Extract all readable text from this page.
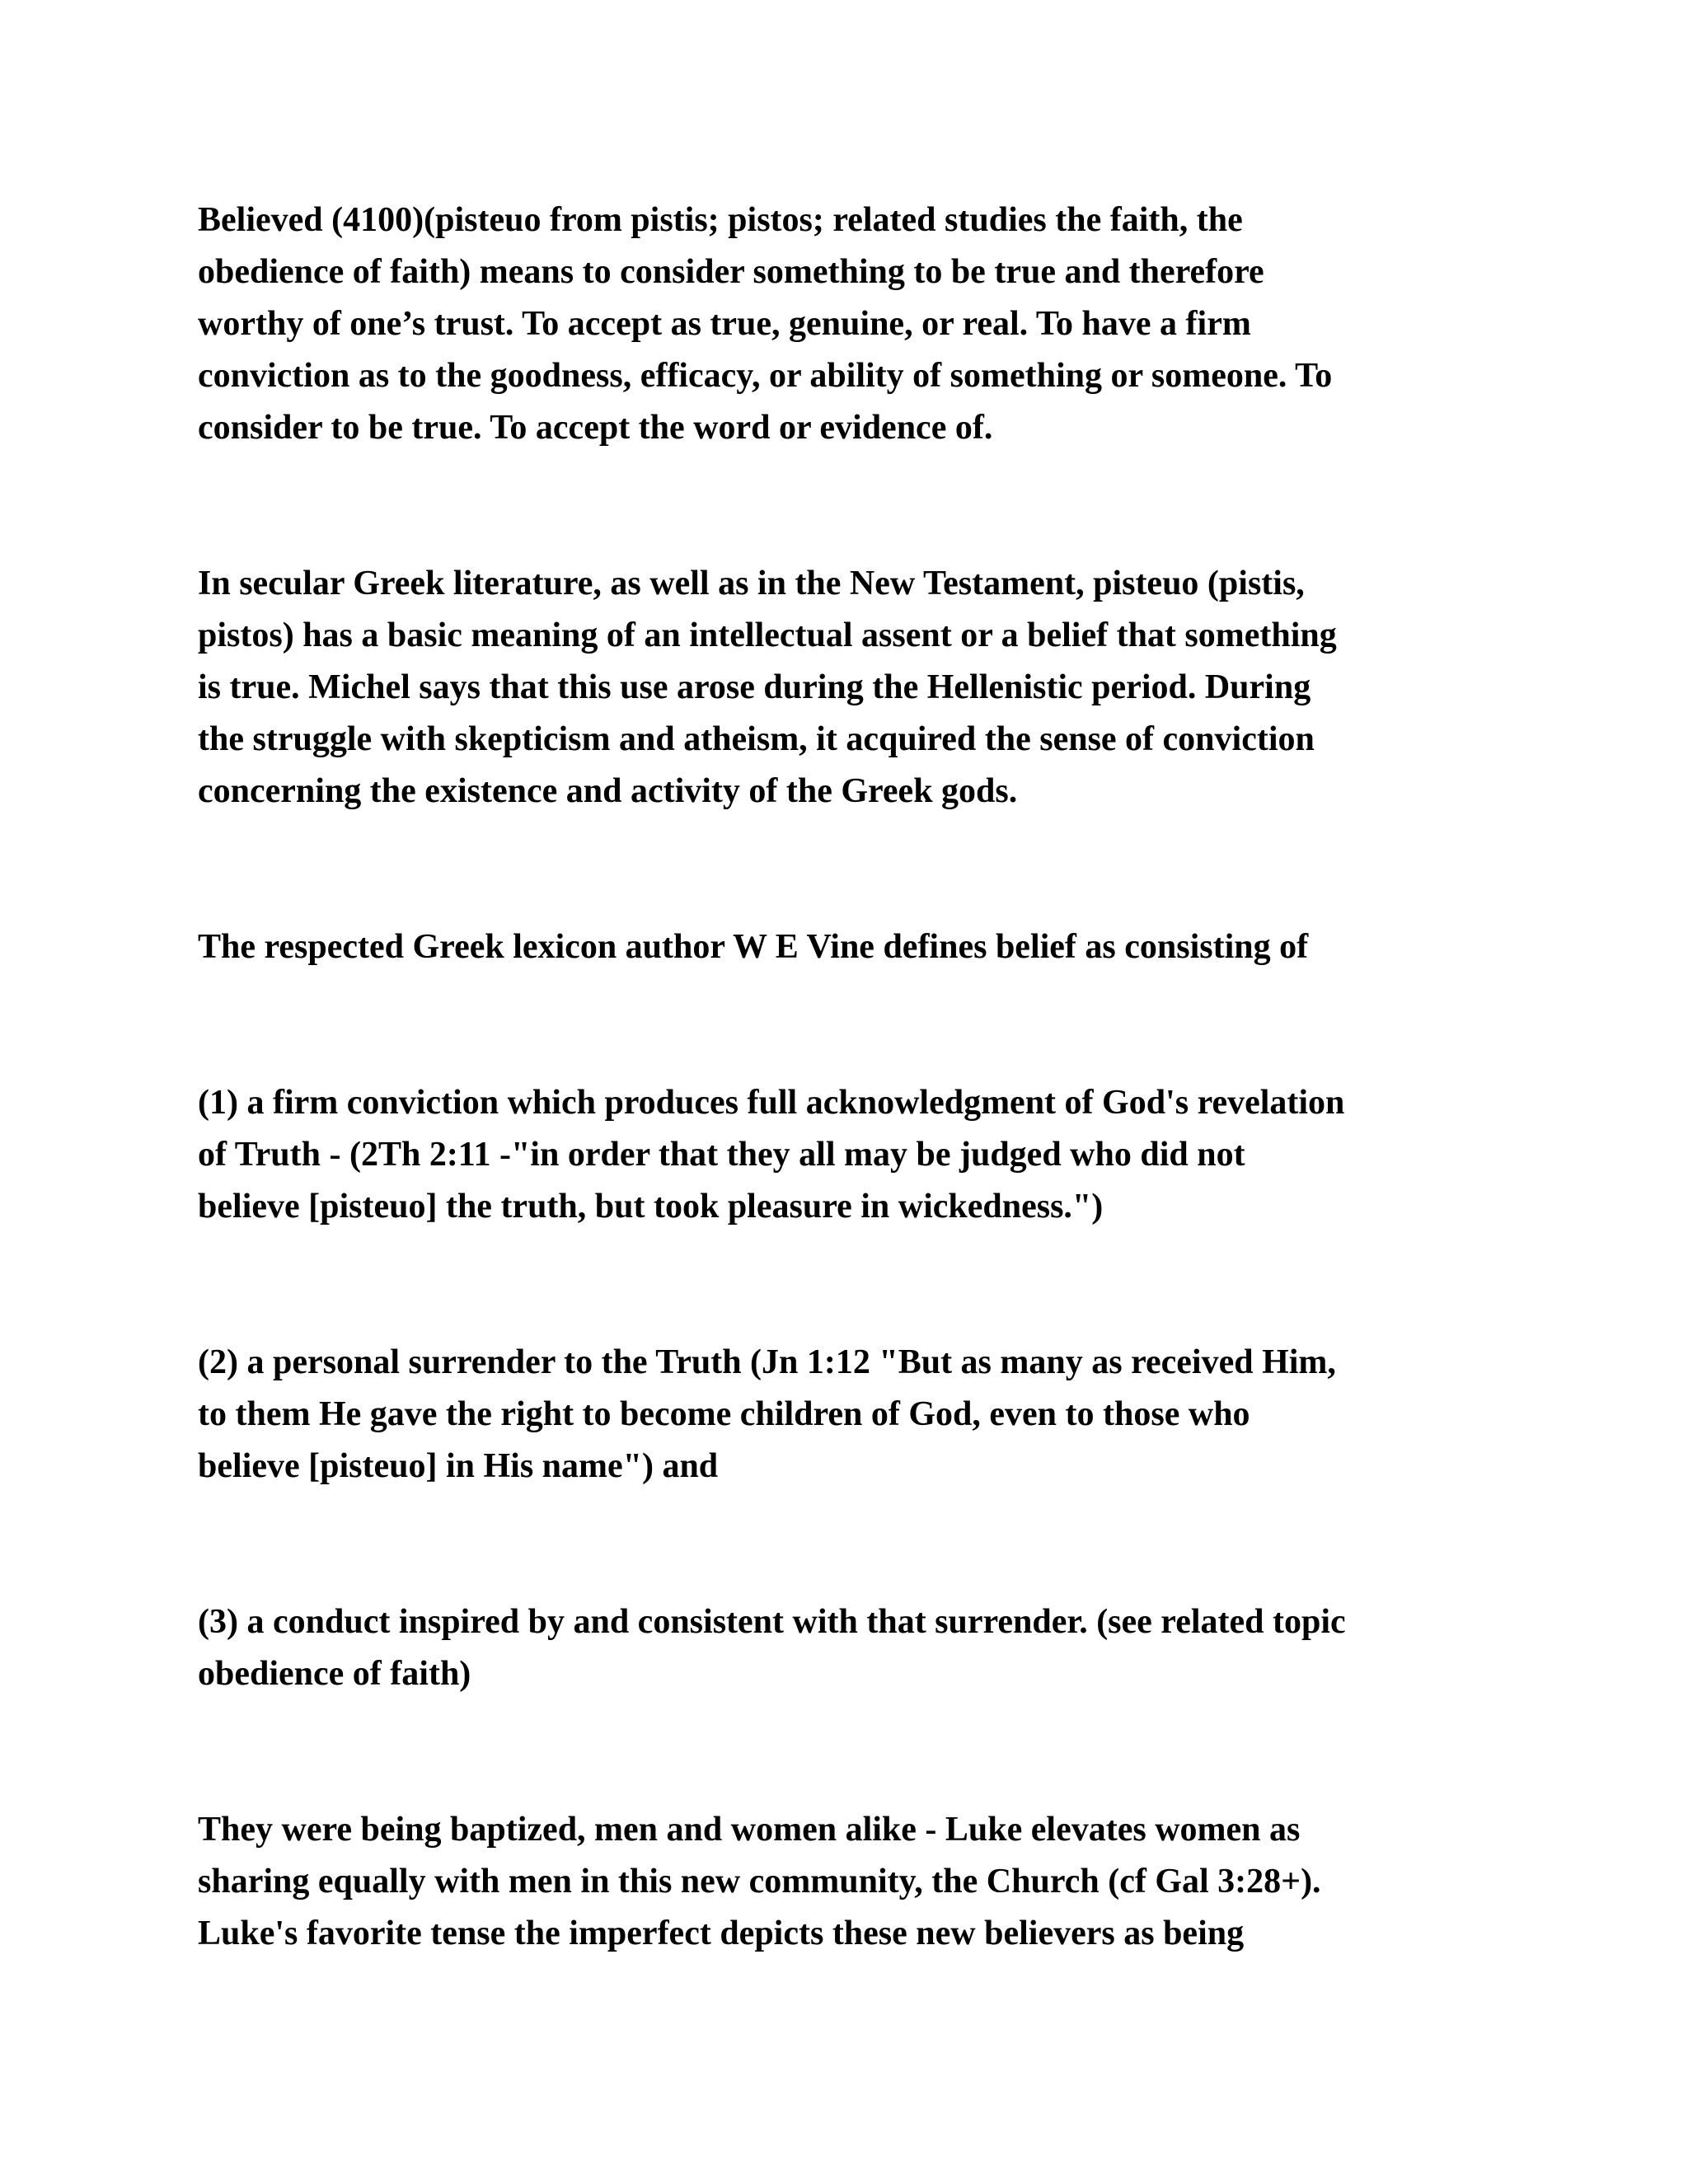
Believed (4100)(pisteuo from pistis; pistos; related studies the faith, the
obedience of faith) means to consider something to be true and therefore
worthy of one’s trust. To accept as true, genuine, or real. To have a firm
conviction as to the goodness, efficacy, or ability of something or someone. To
consider to be true. To accept the word or evidence of.

In secular Greek literature, as well as in the New Testament, pisteuo (pistis,
pistos) has a basic meaning of an intellectual assent or a belief that something
is true. Michel says that this use arose during the Hellenistic period. During
the struggle with skepticism and atheism, it acquired the sense of conviction
concerning the existence and activity of the Greek gods.

The respected Greek lexicon author W E Vine defines belief as consisting of

(1) a firm conviction which produces full acknowledgment of God's revelation
of Truth - (2Th 2:11 -"in order that they all may be judged who did not
believe [pisteuo] the truth, but took pleasure in wickedness.")

(2) a personal surrender to the Truth (Jn 1:12 "But as many as received Him,
to them He gave the right to become children of God, even to those who
believe [pisteuo] in His name") and

(3) a conduct inspired by and consistent with that surrender. (see related topic
obedience of faith)

They were being baptized, men and women alike - Luke elevates women as
sharing equally with men in this new community, the Church (cf Gal 3:28+).
Luke's favorite tense the imperfect depicts these new believers as being
